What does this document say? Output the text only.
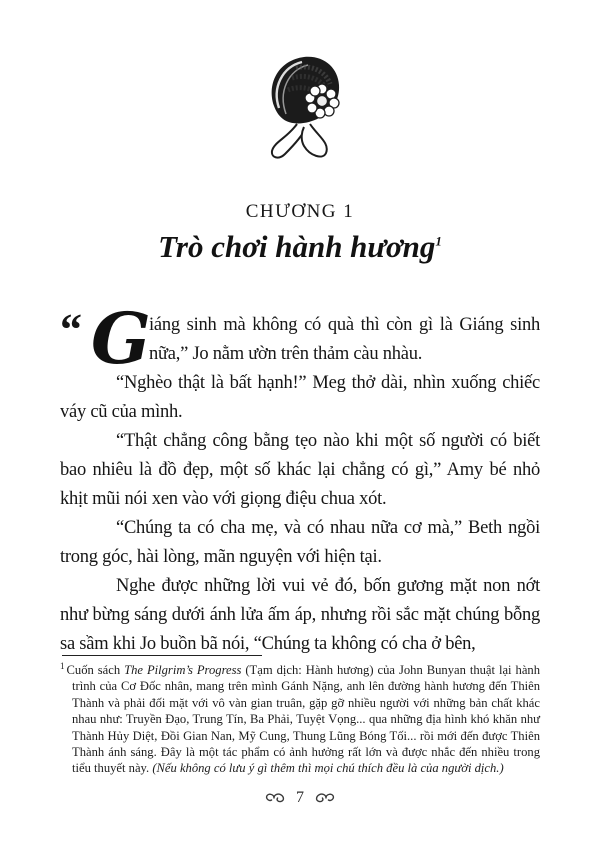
CHƯƠNG 1
Trò chơi hành hương$^1$

“ G
iáng sinh mà không có quà thì còn gì là Giáng sinh nữa,” Jo nằm ườn trên thảm càu nhàu.

“Nghèo thật là bất hạnh!” Meg thở dài, nhìn xuống chiếc váy cũ của mình.

“Thật chẳng công bằng tẹo nào khi một số người có biết bao nhiêu là đồ đẹp, một số khác lại chẳng có gì,” Amy bé nhỏ khịt mũi nói xen vào với giọng điệu chua xót.

“Chúng ta có cha mẹ, và có nhau nữa cơ mà,” Beth ngồi trong góc, hài lòng, mãn nguyện với hiện tại.

Nghe được những lời vui vẻ đó, bốn gương mặt non nớt như bừng sáng dưới ánh lửa ấm áp, nhưng rồi sắc mặt chúng bỗng sa sầm khi Jo buồn bã nói, “Chúng ta không có cha ở bên,

$^1$ Cuốn sách The Pilgrim’s Progress (Tạm dịch: Hành hương) của John Bunyan thuật lại hành trình của Cơ Đốc nhân, mang trên mình Gánh Nặng, anh lên đường hành hương đến Thiên Thành và phải đối mặt với vô vàn gian truân, gặp gỡ nhiều người với những bản chất khác nhau như: Truyền Đạo, Trung Tín, Ba Phải, Tuyệt Vọng... qua những địa hình khó khăn như Thành Hủy Diệt, Đồi Gian Nan, Mỹ Cung, Thung Lũng Bóng Tối... rồi mới đến được Thiên Thành ánh sáng. Đây là một tác phẩm có ảnh hưởng rất lớn và được nhắc đến nhiều trong tiểu thuyết này. (Nếu không có lưu ý gì thêm thì mọi chú thích đều là của người dịch.)

7
